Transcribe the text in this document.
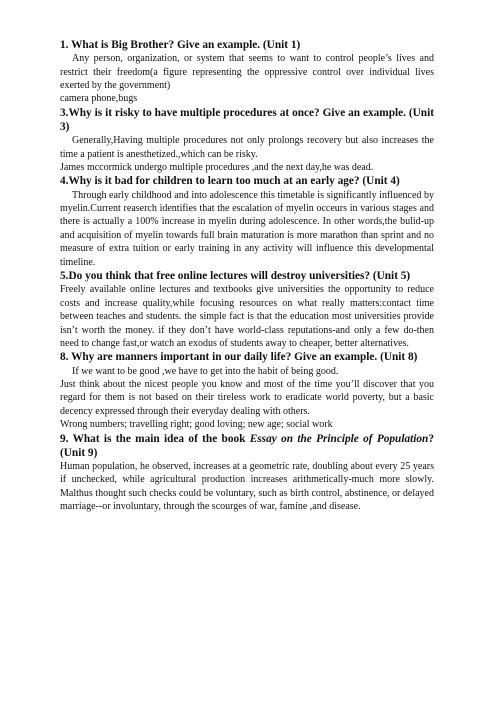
1. What is Big Brother? Give an example. (Unit 1)
Any person, organization, or system that seems to want to control people’s lives and restrict their freedom(a figure representing the oppressive control over individual lives exerted by the government)
camera phone,bugs
3.Why is it risky to have multiple procedures at once? Give an example. (Unit 3)
Generally,Having multiple procedures not only prolongs recovery but also increases the time a patient is anesthetized.,which can be risky.
James mccormick undergo multiple procedures ,and the next day,he was dead.
4.Why is it bad for children to learn too much at an early age? (Unit 4)
Through early childhood and into adolescence this timetable is significantly influenced by myelin.Current reaserch identifies that the escalation of myelin occeurs in various stages and there is actually a 100% increase in myelin during adolescence. In other words,the bulid-up and acquisition of myelin towards full brain maturation is more marathon than sprint and no measure of extra tuition or early training in any activity will influence this developmental timeline.
5.Do you think that free online lectures will destroy universities? (Unit 5)
Freely available online lectures and textbooks give universities the opportunity to reduce costs and increase quality,while focusing resources on what really matters:contact time between teaches and students. the simple fact is that the education most universities provide isn’t worth the money. if they don’t have world-class reputations-and only a few do-then need to change fast,or watch an exodus of students away to cheaper, better alternatives.
8. Why are manners important in our daily life? Give an example. (Unit 8)
If we want to be good ,we have to get into the habit of being good.
Just think about the nicest people you know and most of the time you’ll discover that you regard for them is not based on their tireless work to eradicate world poverty, but a basic decency expressed through their everyday dealing with others.
Wrong numbers; travelling right; good loving; new age; social work
9. What is the main idea of the book Essay on the Principle of Population? (Unit 9)
Human population, he observed, increases at a geometric rate, doubling about every 25 years if unchecked, while agricultural production increases arithmetically-much more slowly. Malthus thought such checks could be voluntary, such as birth control, abstinence, or delayed marriage--or involuntary, through the scourges of war, famine ,and disease.
